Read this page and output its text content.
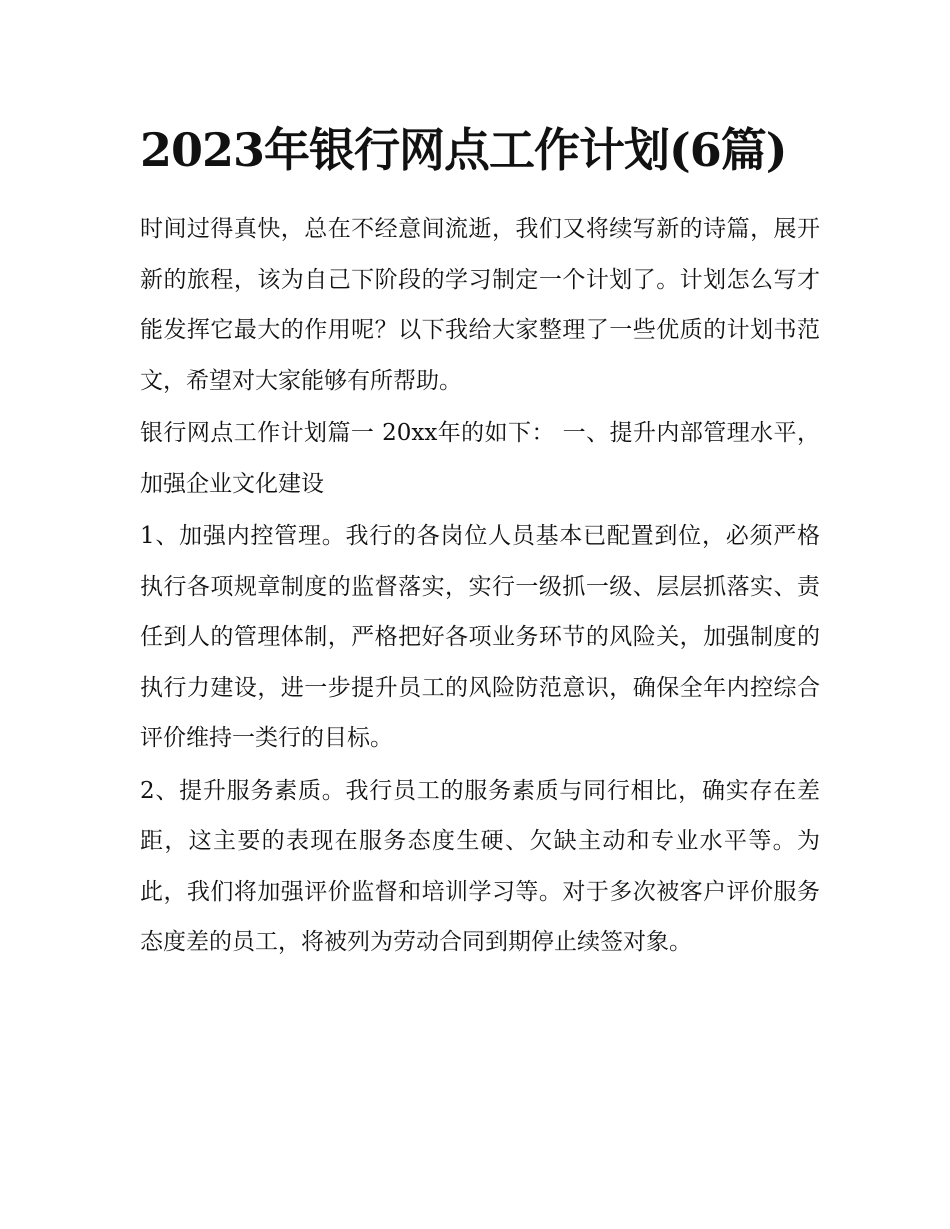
2023年银行网点工作计划(6篇)

时间过得真快，总在不经意间流逝，我们又将续写新的诗篇，展开新的旅程，该为自己下阶段的学习制定一个计划了。计划怎么写才能发挥它最大的作用呢？以下我给大家整理了一些优质的计划书范文，希望对大家能够有所帮助。

银行网点工作计划篇一 20xx年的如下： 一、提升内部管理水平，加强企业文化建设

1、加强内控管理。我行的各岗位人员基本已配置到位，必须严格执行各项规章制度的监督落实，实行一级抓一级、层层抓落实、责任到人的管理体制，严格把好各项业务环节的风险关，加强制度的执行力建设，进一步提升员工的风险防范意识，确保全年内控综合评价维持一类行的目标。

2、提升服务素质。我行员工的服务素质与同行相比，确实存在差距，这主要的表现在服务态度生硬、欠缺主动和专业水平等。为此，我们将加强评价监督和培训学习等。对于多次被客户评价服务态度差的员工，将被列为劳动合同到期停止续签对象。
